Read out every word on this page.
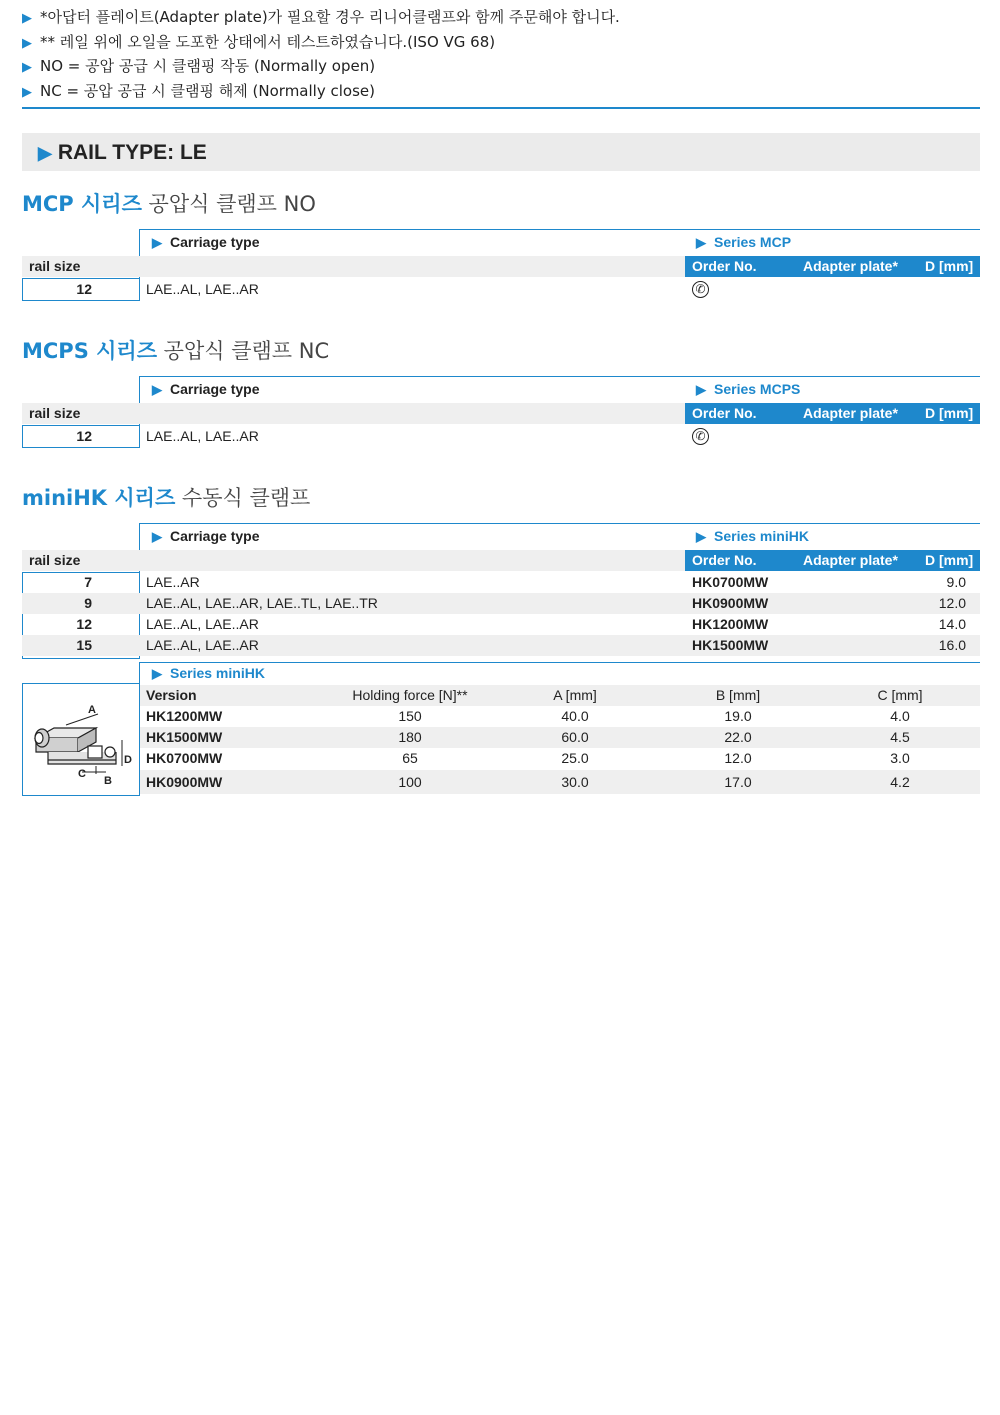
▶ *아답터 플레이트(Adapter plate)가 필요할 경우 리니어클램프와 함께 주문해야 합니다.
▶ ** 레일 위에 오일을 도포한 상태에서 테스트하였습니다.(ISO VG 68)
▶ NO = 공압 공급 시 클램핑 작동 (Normally open)
▶ NC = 공압 공급 시 클램핑 해제 (Normally close)
▶ RAIL TYPE: LE
MCP 시리즈 공압식 클램프 NO
▶ Carriage type	▶ Series MCP
rail size	Order No.	Adapter plate* D [mm]
12	LAE..AL, LAE..AR	✆
MCPS 시리즈 공압식 클램프 NC
▶ Carriage type	▶ Series MCPS
rail size	Order No.	Adapter plate* D [mm]
12	LAE..AL, LAE..AR	✆
miniHK 시리즈 수동식 클램프
▶ Carriage type	▶ Series miniHK
rail size	Order No.	Adapter plate* D [mm]
7	LAE..AR	HK0700MW	9.0
9	LAE..AL, LAE..AR, LAE..TL, LAE..TR	HK0900MW	12.0
12	LAE..AL, LAE..AR	HK1200MW	14.0
15	LAE..AL, LAE..AR	HK1500MW	16.0
▶ Series miniHK
A
B
C
D
Version	Holding force [N]**	A [mm]	B [mm]	C [mm]
HK1200MW	150	40.0	19.0	4.0
HK1500MW	180	60.0	22.0	4.5
HK0700MW	65	25.0	12.0	3.0
HK0900MW	100	30.0	17.0	4.2
